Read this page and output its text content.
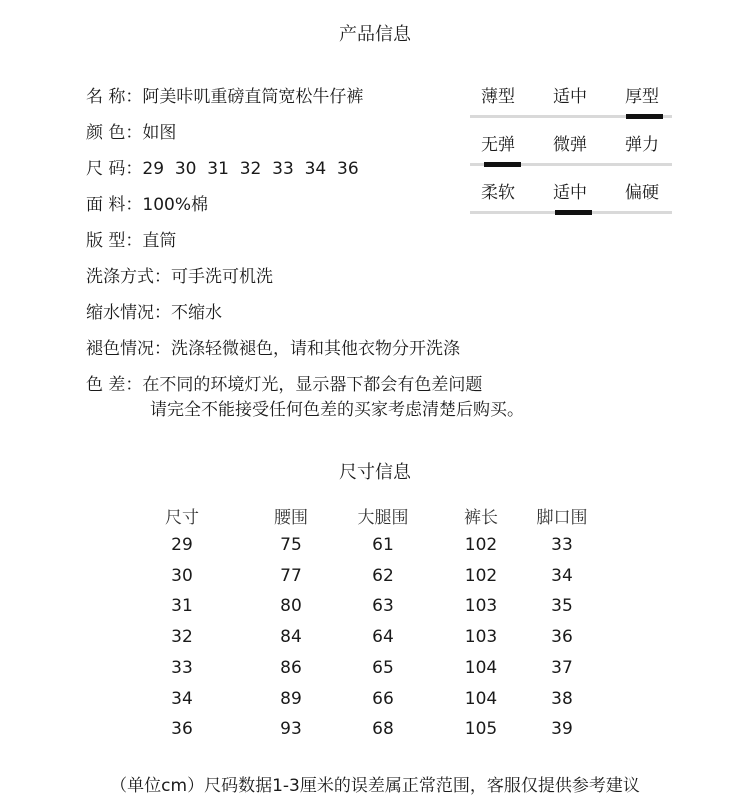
产品信息
名 称：阿美咔叽重磅直筒宽松牛仔裤
颜 色：如图
尺 码：29  30  31  32  33  34  36
面 料：100%棉
版 型：直筒
洗涤方式：可手洗可机洗
缩水情况：不缩水
褪色情况：洗涤轻微褪色，请和其他衣物分开洗涤
色 差：在不同的环境灯光，显示器下都会有色差问题
请完全不能接受任何色差的买家考虑清楚后购买。
薄型 适中 厚型
无弹 微弹 弹力
柔软 适中 偏硬
尺寸信息
尺寸	腰围	大腿围	裤长	脚口围
29	75	61	102	33
30	77	62	102	34
31	80	63	103	35
32	84	64	103	36
33	86	65	104	37
34	89	66	104	38
36	93	68	105	39
（单位cm）尺码数据1-3厘米的误差属正常范围，客服仅提供参考建议
